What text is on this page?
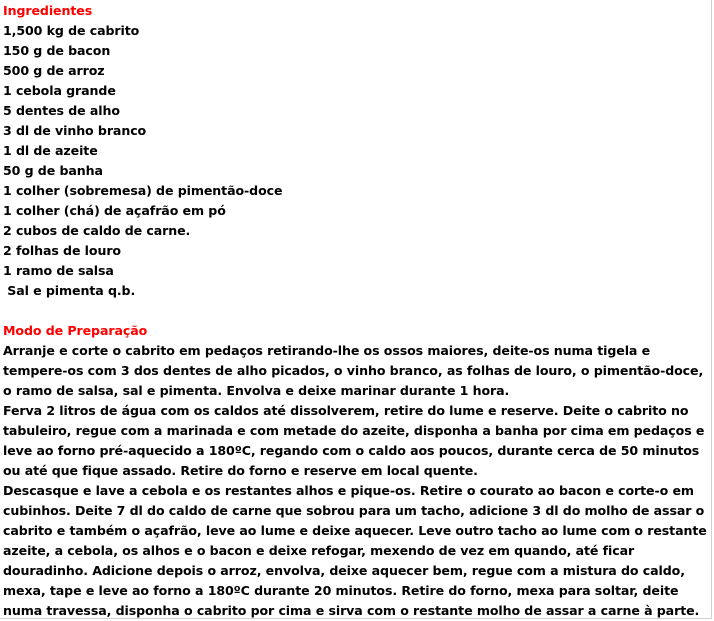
Ingredientes
1,500 kg de cabrito
150 g de bacon
500 g de arroz
1 cebola grande
5 dentes de alho
3 dl de vinho branco
1 dl de azeite
50 g de banha
1 colher (sobremesa) de pimentão-doce
1 colher (chá) de açafrão em pó
2 cubos de caldo de carne.
2 folhas de louro
1 ramo de salsa
Sal e pimenta q.b.
Modo de Preparação
Arranje e corte o cabrito em pedaços retirando-lhe os ossos maiores, deite-os numa tigela e tempere-os com 3 dos dentes de alho picados, o vinho branco, as folhas de louro, o pimentão-doce, o ramo de salsa, sal e pimenta. Envolva e deixe marinar durante 1 hora.
Ferva 2 litros de água com os caldos até dissolverem, retire do lume e reserve. Deite o cabrito no tabuleiro, regue com a marinada e com metade do azeite, disponha a banha por cima em pedaços e leve ao forno pré-aquecido a 180ºC, regando com o caldo aos poucos, durante cerca de 50 minutos ou até que fique assado. Retire do forno e reserve em local quente.
Descasque e lave a cebola e os restantes alhos e pique-os. Retire o courato ao bacon e corte-o em cubinhos. Deite 7 dl do caldo de carne que sobrou para um tacho, adicione 3 dl do molho de assar o cabrito e também o açafrão, leve ao lume e deixe aquecer. Leve outro tacho ao lume com o restante azeite, a cebola, os alhos e o bacon e deixe refogar, mexendo de vez em quando, até ficar douradinho. Adicione depois o arroz, envolva, deixe aquecer bem, regue com a mistura do caldo, mexa, tape e leve ao forno a 180ºC durante 20 minutos. Retire do forno, mexa para soltar, deite numa travessa, disponha o cabrito por cima e sirva com o restante molho de assar a carne à parte.
